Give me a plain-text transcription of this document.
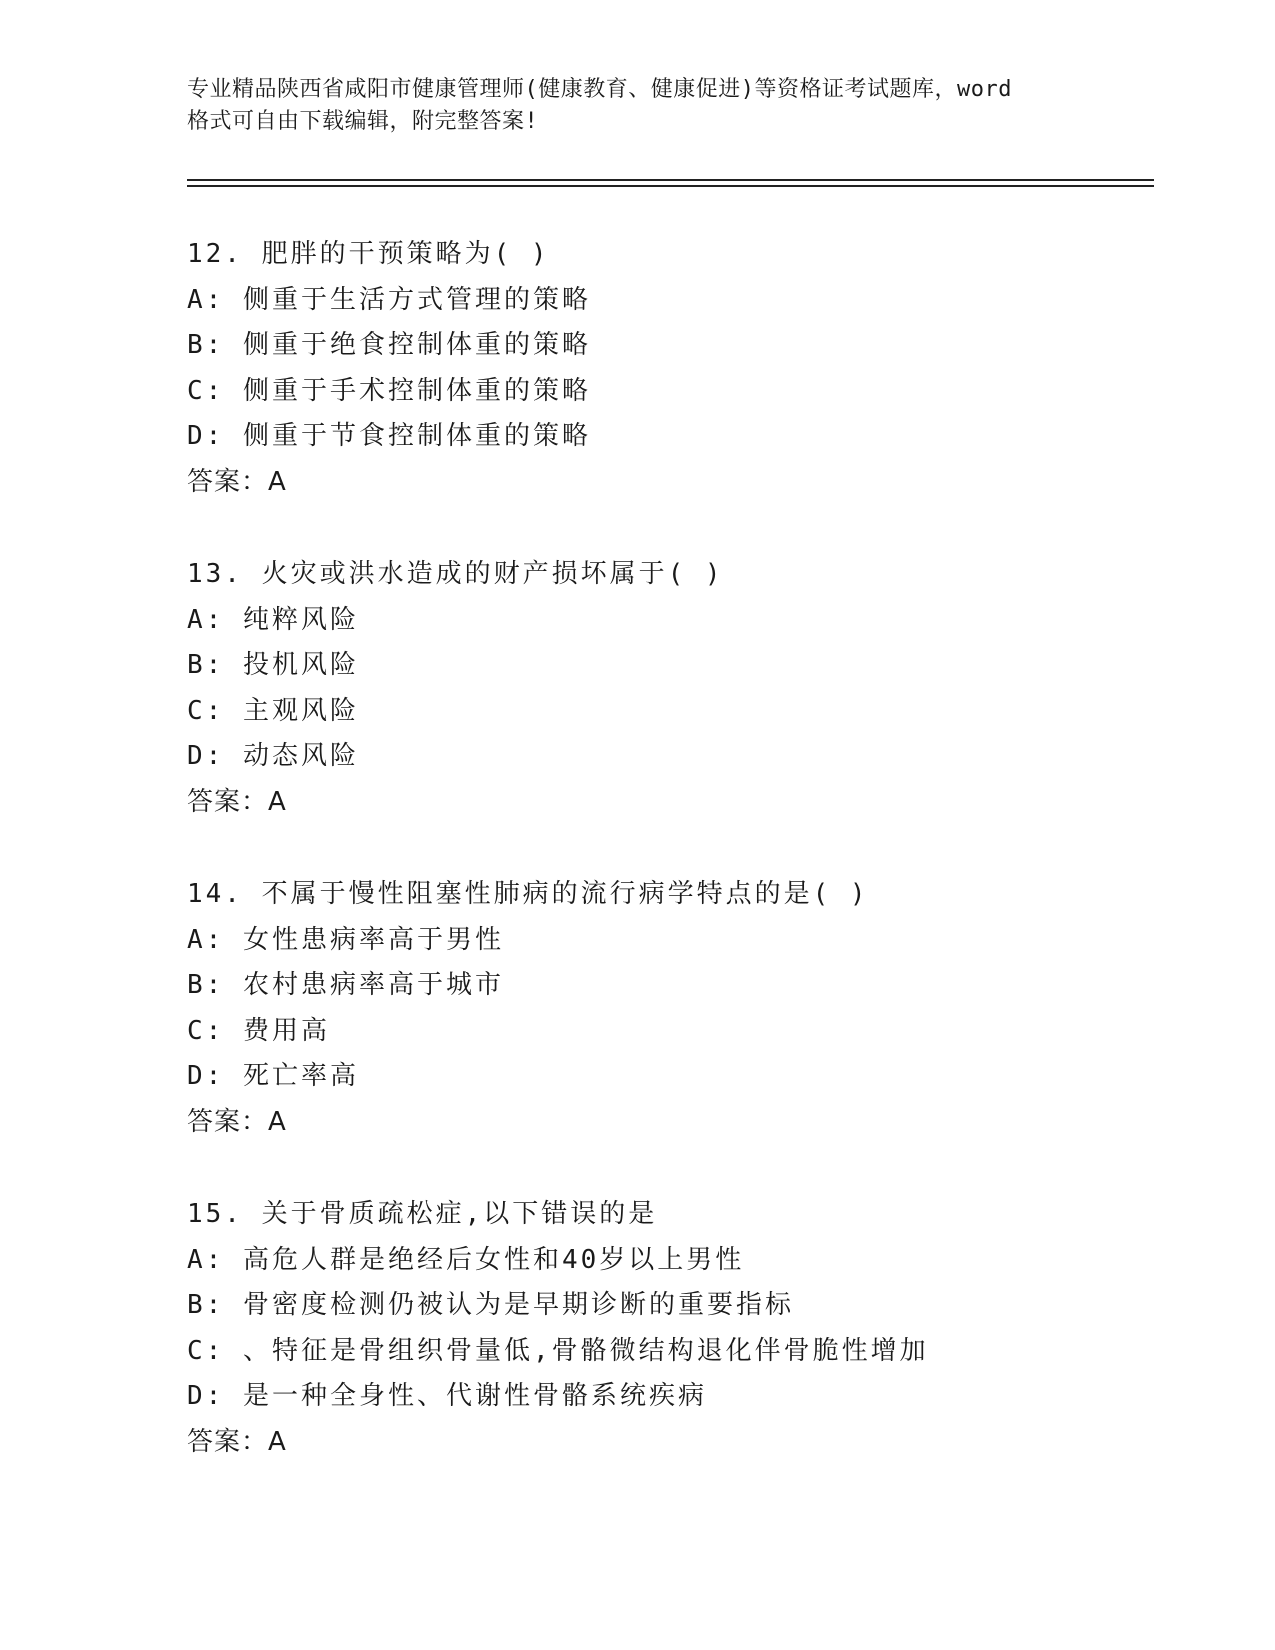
专业精品陕西省咸阳市健康管理师(健康教育、健康促进)等资格证考试题库，word
格式可自由下载编辑，附完整答案!
12. 肥胖的干预策略为( )
A: 侧重于生活方式管理的策略
B: 侧重于绝食控制体重的策略
C: 侧重于手术控制体重的策略
D: 侧重于节食控制体重的策略
答案：A
13. 火灾或洪水造成的财产损坏属于( )
A: 纯粹风险
B: 投机风险
C: 主观风险
D: 动态风险
答案：A
14. 不属于慢性阻塞性肺病的流行病学特点的是( )
A: 女性患病率高于男性
B: 农村患病率高于城市
C: 费用高
D: 死亡率高
答案：A
15. 关于骨质疏松症,以下错误的是
A: 高危人群是绝经后女性和40岁以上男性
B: 骨密度检测仍被认为是早期诊断的重要指标
C: 、特征是骨组织骨量低,骨骼微结构退化伴骨脆性增加
D: 是一种全身性、代谢性骨骼系统疾病
答案：A
